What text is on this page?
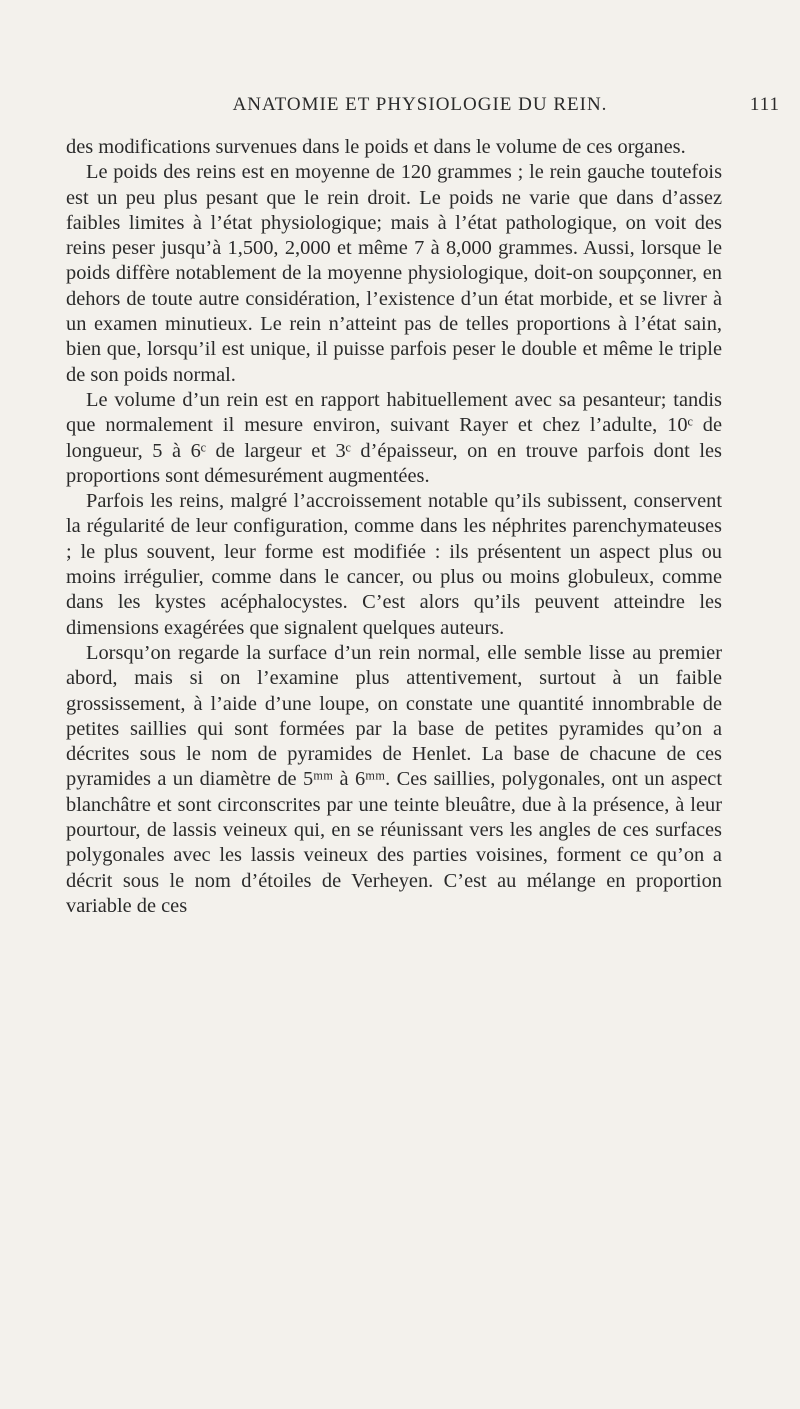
ANATOMIE ET PHYSIOLOGIE DU REIN.	111

des modifications survenues dans le poids et dans le volume de ces organes.

Le poids des reins est en moyenne de 120 grammes ; le rein gauche toutefois est un peu plus pesant que le rein droit. Le poids ne varie que dans d’assez faibles limites à l’état physiologique; mais à l’état pathologique, on voit des reins peser jusqu’à 1,500, 2,000 et même 7 à 8,000 grammes. Aussi, lorsque le poids diffère notablement de la moyenne physiologique, doit-on soupçonner, en dehors de toute autre considération, l’existence d’un état morbide, et se livrer à un examen minutieux. Le rein n’atteint pas de telles proportions à l’état sain, bien que, lorsqu’il est unique, il puisse parfois peser le double et même le triple de son poids normal.

Le volume d’un rein est en rapport habituellement avec sa pesanteur; tandis que normalement il mesure environ, suivant Rayer et chez l’adulte, 10ᶜ de longueur, 5 à 6ᶜ de largeur et 3ᶜ d’épaisseur, on en trouve parfois dont les proportions sont démesurément augmentées.

Parfois les reins, malgré l’accroissement notable qu’ils subissent, conservent la régularité de leur configuration, comme dans les néphrites parenchymateuses ; le plus souvent, leur forme est modifiée : ils présentent un aspect plus ou moins irrégulier, comme dans le cancer, ou plus ou moins globuleux, comme dans les kystes acéphalocystes. C’est alors qu’ils peuvent atteindre les dimensions exagérées que signalent quelques auteurs.

Lorsqu’on regarde la surface d’un rein normal, elle semble lisse au premier abord, mais si on l’examine plus attentivement, surtout à un faible grossissement, à l’aide d’une loupe, on constate une quantité innombrable de petites saillies qui sont formées par la base de petites pyramides qu’on a décrites sous le nom de pyramides de Henlet. La base de chacune de ces pyramides a un diamètre de 5ᵐᵐ à 6ᵐᵐ. Ces saillies, polygonales, ont un aspect blanchâtre et sont circonscrites par une teinte bleuâtre, due à la présence, à leur pourtour, de lassis veineux qui, en se réunissant vers les angles de ces surfaces polygonales avec les lassis veineux des parties voisines, forment ce qu’on a décrit sous le nom d’étoiles de Verheyen. C’est au mélange en proportion variable de ces
